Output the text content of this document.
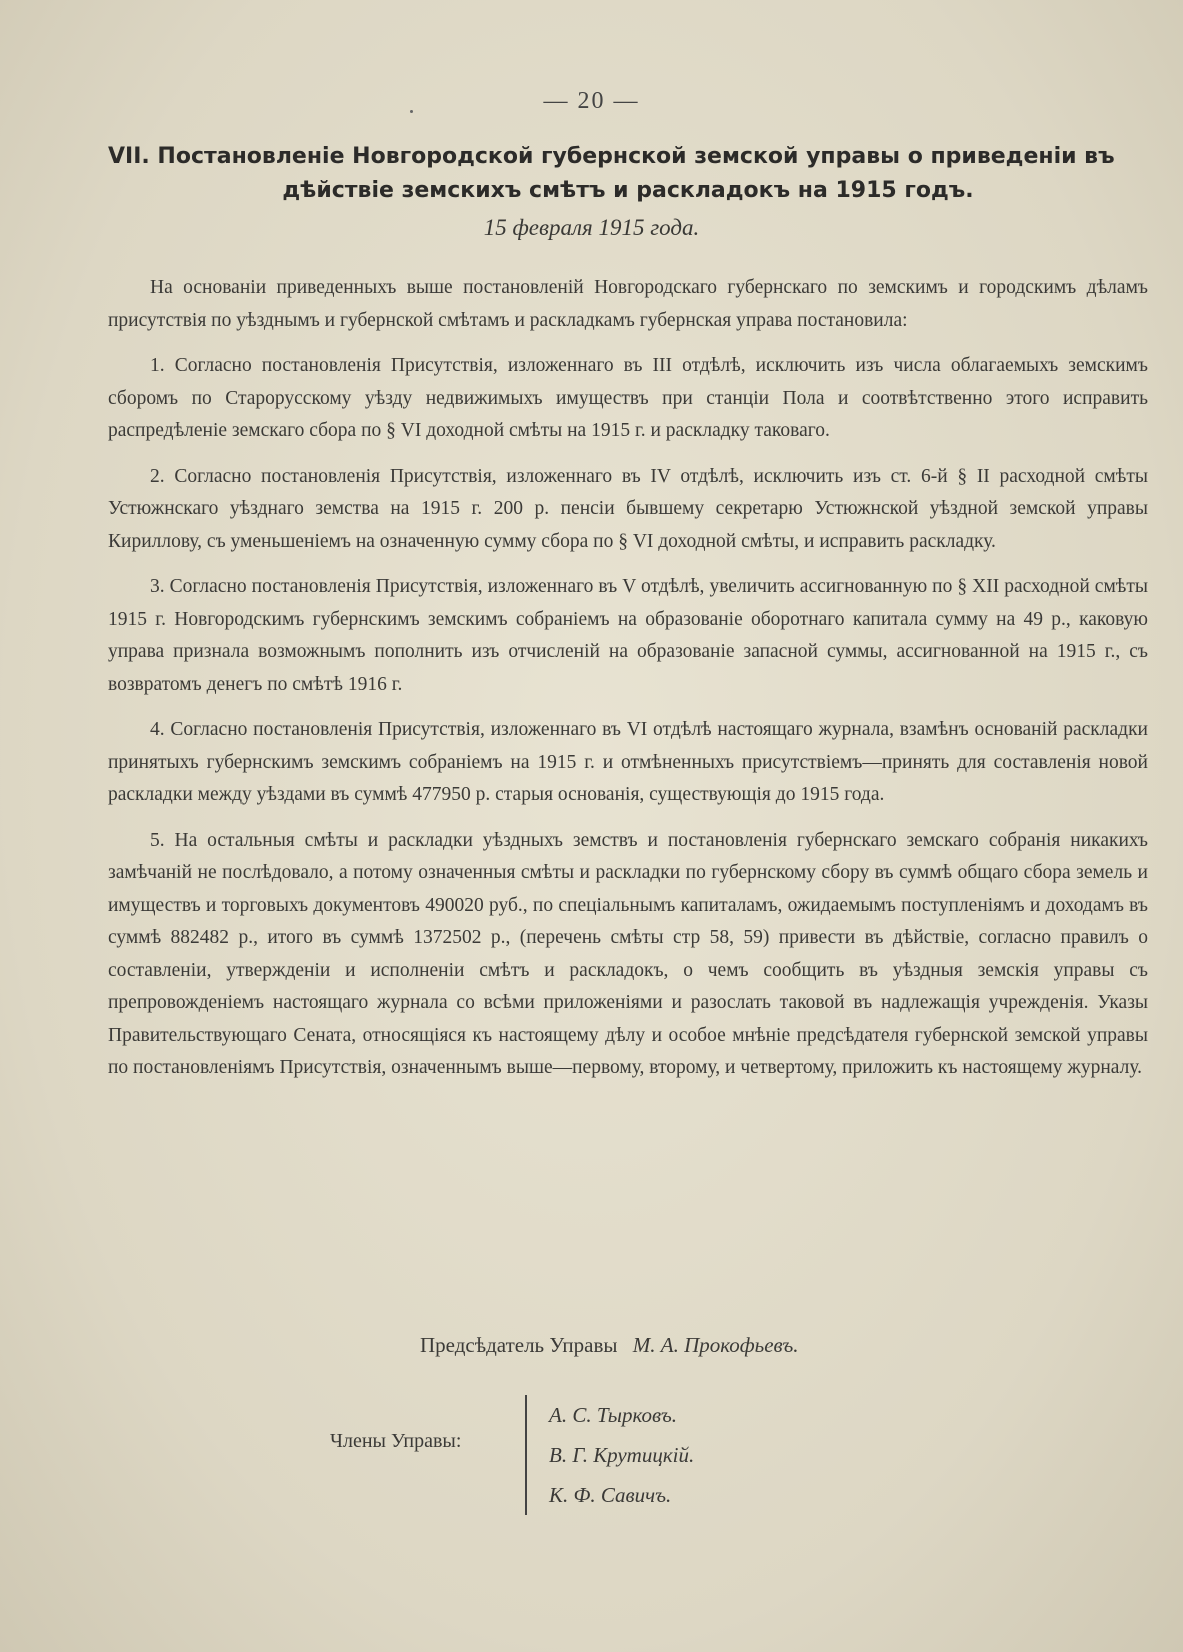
— 20 —
VII. Постановленіе Новгородской губернской земской управы о приведеніи въ
дѣйствіе земскихъ смѣтъ и раскладокъ на 1915 годъ.
15 февраля 1915 года.

На основаніи приведенныхъ выше постановленій Новгородскаго губернскаго по земскимъ и городскимъ дѣламъ присутствія по уѣзднымъ и губернской смѣтамъ и раскладкамъ губернская управа постановила:

1. Согласно постановленія Присутствія, изложеннаго въ III отдѣлѣ, исключить изъ числа облагаемыхъ земскимъ сборомъ по Старорусскому уѣзду недвижимыхъ имуществъ при станціи Пола и соотвѣтственно этого исправить распредѣленіе земскаго сбора по § VI доходной смѣты на 1915 г. и раскладку таковаго.

2. Согласно постановленія Присутствія, изложеннаго въ IV отдѣлѣ, исключить изъ ст. 6-й § II расходной смѣты Устюжнскаго уѣзднаго земства на 1915 г. 200 р. пенсіи бывшему секретарю Устюжнской уѣздной земской управы Кириллову, съ уменьшеніемъ на означенную сумму сбора по § VI доходной смѣты, и исправить раскладку.

3. Согласно постановленія Присутствія, изложеннаго въ V отдѣлѣ, увеличить ассигнованную по § XII расходной смѣты 1915 г. Новгородскимъ губернскимъ земскимъ собраніемъ на образованіе оборотнаго капитала сумму на 49 р., каковую управа признала возможнымъ пополнить изъ отчисленій на образованіе запасной суммы, ассигнованной на 1915 г., съ возвратомъ денегъ по смѣтѣ 1916 г.

4. Согласно постановленія Присутствія, изложеннаго въ VI отдѣлѣ настоящаго журнала, взамѣнъ основаній раскладки принятыхъ губернскимъ земскимъ собраніемъ на 1915 г. и отмѣненныхъ присутствіемъ—принять для составленія новой раскладки между уѣздами въ суммѣ 477950 р. старыя основанія, существующія до 1915 года.

5. На остальныя смѣты и раскладки уѣздныхъ земствъ и постановленія губернскаго земскаго собранія никакихъ замѣчаній не послѣдовало, а потому означенныя смѣты и раскладки по губернскому сбору въ суммѣ общаго сбора земель и имуществъ и торговыхъ документовъ 490020 руб., по спеціальнымъ капиталамъ, ожидаемымъ поступленіямъ и доходамъ въ суммѣ 882482 р., итого въ суммѣ 1372502 р., (перечень смѣты стр 58, 59) привести въ дѣйствіе, согласно правилъ о составленіи, утвержденіи и исполненіи смѣтъ и раскладокъ, о чемъ сообщить въ уѣздныя земскія управы съ препровожденіемъ настоящаго журнала со всѣми приложеніями и разослать таковой въ надлежащія учрежденія. Указы Правительствующаго Сената, относящіяся къ настоящему дѣлу и особое мнѣніе предсѣдателя губернской земской управы по постановленіямъ Присутствія, означеннымъ выше—первому, второму, и четвертому, приложить къ настоящему журналу.

Предсѣдатель Управы М. А. Прокофьевъ.
Члены Управы:
А. С. Тырковъ.
В. Г. Крутицкій.
К. Ф. Савичъ.
